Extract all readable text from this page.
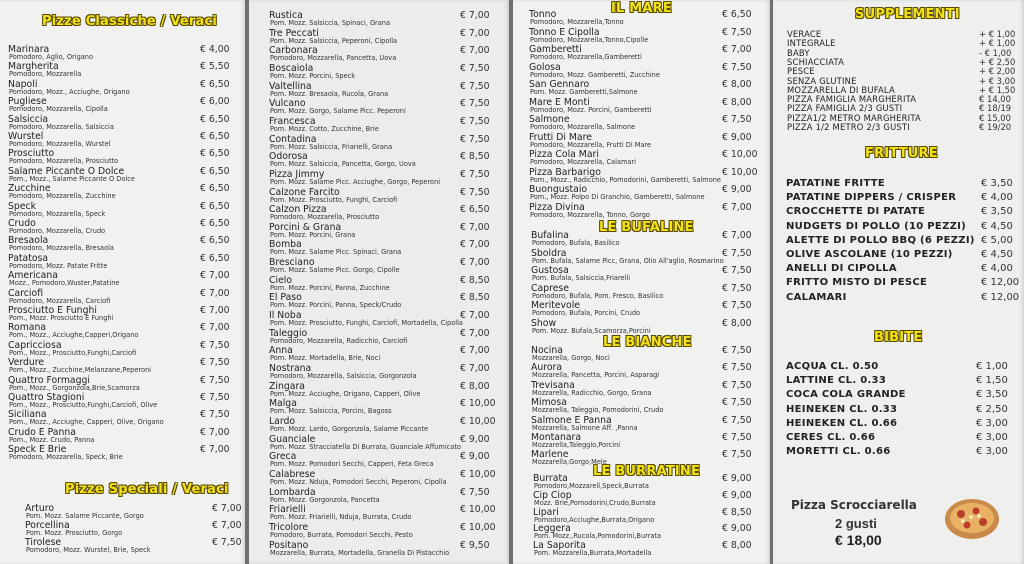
Pizze Classiche / Veraci
Marinara
Pomodoro, Aglio, Origano
€ 4,00
Margherita
Pomodoro, Mozzarella
€ 5,50
Napoli
Pomodoro, Mozz., Acciughe, Origano
€ 6,50
Pugliese
Pomodoro, Mozzarella, Cipolla
€ 6,00
Salsiccia
Pomodoro, Mozzarella, Salsiccia
€ 6,50
Wurstel
Pomodoro, Mozzarella, Wurstel
€ 6,50
Prosciutto
Pomodoro, Mozzarella, Prosciutto
€ 6,50
Salame Piccante O Dolce
Pom., Mozz., Salame Piccante O Dolce
€ 6,50
Zucchine
Pomodoro, Mozzarella, Zucchine
€ 6,50
Speck
Pomodoro, Mozzarella, Speck
€ 6,50
Crudo
Pomodoro, Mozzarella, Crudo
€ 6,50
Bresaola
Pomodoro, Mozzarella, Bresaola
€ 6,50
Patatosa
Pomodoro, Mozz. Patate Fritte
€ 6,50
Americana
Mozz., Pomodoro,Wuster,Patatine
€ 7,00
Carciofi
Pomodoro, Mozzarella, Carciofi
€ 7,00
Prosciutto E Funghi
Pom., Mozz. Prosciutto E Funghi
€ 7,00
Romana
Pom., Mozz., Acciughe,Capperi,Origano
€ 7,00
Capricciosa
Pom., Mozz., Prosciutto,Funghi,Carciofi
€ 7,50
Verdure
Pom., Mozz., Zucchine,Melanzane,Peperoni
€ 7,50
Quattro Formaggi
Pom., Mozz., Gorgonzola,Brie,Scamorza
€ 7,50
Quattro Stagioni
Pom., Mozz., Prosciutto,Funghi,Carciofi, Olive
€ 7,50
Siciliana
Pom., Mozz., Acciughe, Capperi, Olive, Origano
€ 7,50
Crudo E Panna
Pom., Mozz. Crudo, Panna
€ 7,00
Speck E Brie
Pomodoro, Mozzarella, Speck, Brie
€ 7,00
Pizze Speciali / Veraci
Arturo
Pom. Mozz. Salame Piccante, Gorgo
€ 7,00
Porcellina
Pom. Mozz. Prosciutto, Gorgo
€ 7,00
Tirolese
Pomodoro, Mozz. Wurstel, Brie, Speck
€ 7,50
Rustica
Pom. Mozz. Salsiccia, Spinaci, Grana
€ 7,00
Tre Peccati
Pom. Mozz. Salsiccia, Peperoni, Cipolla
€ 7,00
Carbonara
Pomodoro, Mozzarella, Pancetta, Uova
€ 7,00
Boscaiola
Pom. Mozz. Porcini, Speck
€ 7,50
Valtellina
Pom. Mozz. Bresaola, Rucola, Grana
€ 7,50
Vulcano
Pom. Mozz. Gorgo, Salame Picc. Peperoni
€ 7,50
Francesca
Pom. Mozz. Cotto, Zucchine, Brie
€ 7,50
Contadina
Pom. Mozz. Salsiccia, Friarielli, Grana
€ 7,50
Odorosa
Pom. Mozz. Salsiccia, Pancetta, Gorgo, Uova
€ 8,50
Pizza Jimmy
Pom. Mozz. Salame Picc. Acciughe, Gorgo, Peperoni
€ 7,50
Calzone Farcito
Pom. Mozz. Prosciutto, Funghi, Carciofi
€ 7,50
Calzon Pizza
Pomodoro, Mozzarella, Prosciutto
€ 6,50
Porcini & Grana
Pom. Mozz. Porcini, Grana
€ 7,00
Bomba
Pom. Mozz. Salame Picc. Spinaci, Grana
€ 7,00
Bresciano
Pom. Mozz. Salame Picc. Gorgo, Cipolle
€ 7,00
Cielo
Pom. Mozz. Porcini, Panna, Zucchine
€ 8,50
El Paso
Pom. Mozz. Porcini, Panna, Speck/Crudo
€ 8,50
Il Noba
Pom. Mozz. Prosciutto, Funghi, Carciofi, Mortadella, Cipolla
€ 7,00
Taleggio
Pomodoro, Mozzarella, Radicchio, Carciofi
€ 7,00
Anna
Pom. Mozz. Mortadella, Brie, Noci
€ 7,00
Nostrana
Pomodoro, Mozzarella, Salsiccia, Gorgonzola
€ 7,00
Zingara
Pom. Mozz. Acciughe, Origano, Capperi, Olive
€ 8,00
Malga
Pom. Mozz. Salsiccia, Porcini, Bagoss
€ 10,00
Lardo
Pom. Mozz. Lardo, Gorgonzola, Salame Piccante
€ 10,00
Guanciale
Pom. Mozz. Stracciatella Di Burrata, Guanciale Affumicato
€ 9,00
Greca
Pom. Mozz. Pomodori Secchi, Capperi, Feta Greca
€ 9,00
Calabrese
Pom. Mozz. Nduja, Pomodori Secchi, Peperoni, Cipolla
€ 10,00
Lombarda
Pom. Mozz. Gorgonzola, Pancetta
€ 7,50
Friarielli
Pom. Mozz. Friarielli, Nduja, Burrata, Crudo
€ 10,00
Tricolore
Pomodoro, Burrata, Pomodori Secchi, Pesto
€ 10,00
Positano
Mozzarella, Burrata, Mortadella, Granella Di Pistacchio
€ 9,50
IL MARE
Tonno
Pomodoro, Mozzarella,Tonno
€ 6,50
Tonno E Cipolla
Pomodoro, Mozzarella,Tonno,Cipolle
€ 7,50
Gamberetti
Pomodoro, Mozzarella,Gamberetti
€ 7,00
Golosa
Pomodoro, Mozz. Gamberetti, Zucchine
€ 7,50
San Gennaro
Pom. Mozz. Gamberetti,Salmone
€ 8,00
Mare E Monti
Pomodoro, Mozz. Porcini, Gamberetti
€ 8,00
Salmone
Pomodoro, Mozzarella, Salmone
€ 7,50
Frutti Di Mare
Pomodoro, Mozzarella, Frutti Di Mare
€ 9,00
Pizza Cola Mari
Pomodoro, Mozzarella, Calamari
€ 10,00
Pizza Barbarigo
Pom., Mozz., Radicchio, Pomodorini, Gamberetti, Salmone
€ 10,00
Buongustaio
Pom., Mozz. Polpo Di Granchio, Gamberetti, Salmone
€ 9,00
Pizza Divina
Pomodoro, Mozzarella, Tonno, Gorgo
€ 7,00
LE BUFALINE
Bufalina
Pomodoro, Bufala, Basilico
€ 7,00
Sboldra
Pom. Bufala, Salame Picc, Grana, Olio All'aglio, Rosmarino
€ 7,50
Gustosa
Pom. Bufala, Salsiccia,Friarelli
€ 7,50
Caprese
Pomodoro, Bufala, Pom. Fresco, Basilico
€ 7,50
Meritevole
Pomodoro, Bufala, Porcini, Crudo
€ 7,50
Show
Pom. Mozz. Bufala,Scamorza,Porcini
€ 8,00
LE BIANCHE
Nocina
Mozzarella, Gorgo, Noci
€ 7,50
Aurora
Mozzarella, Pancetta, Porcini, Asparagi
€ 7,50
Trevisana
Mozzarella, Radicchio, Gorgo, Grana
€ 7,50
Mimosa
Mozzarella, Taleggio, Pomodorini, Crudo
€ 7,50
Salmone E Panna
Mozzarella, Salmone Aff. ,Panna
€ 7,50
Montanara
Mozzarella,Taleggio,Porcini
€ 7,50
Marlene
Mozzarella,Gorgo,Mele
€ 7,50
LE BURRATINE
Burrata
Pomodoro,Mozzarell,Speck,Burrata
€ 9,00
Cip Ciop
Mozz. Brie,Pomodorini,Crudo,Burrata
€ 9,00
Lipari
Pomodoro,Acciughe,Burrata,Origano
€ 8,50
Leggera
Pom. Mozz.,Rucola,Pomodorini,Burrata
€ 9,00
La Saporita
Pom. Mozzarella,Burrata,Mortadella
€ 8,00
SUPPLEMENTI
VERACE	+ € 1,00
INTEGRALE	+ € 1,00
BABY	- € 1,00
SCHIACCIATA	+ € 2,50
PESCE	+ € 2,00
SENZA GLUTINE	+ € 3,00
MOZZARELLA DI BUFALA	+ € 1,50
PIZZA FAMIGLIA MARGHERITA	€ 14,00
PIZZA FAMIGLIA 2/3 GUSTI	€ 18/19
PIZZA1/2 METRO MARGHERITA	€ 15,00
PIZZA 1/2 METRO 2/3 GUSTI	€ 19/20
FRITTURE
PATATINE FRITTE	€ 3,50
PATATINE DIPPERS / CRISPER € 4,00
CROCCHETTE DI PATATE	€ 3,50
NUDGETS DI POLLO (10 PEZZI) € 4,50
ALETTE DI POLLO BBQ (6 PEZZI) € 5,00
OLIVE ASCOLANE (10 PEZZI)	€ 4,50
ANELLI DI CIPOLLA	€ 4,00
FRITTO MISTO DI PESCE	€ 12,00
CALAMARI	€ 12,00
BIBITE
ACQUA CL. 0.50	€ 1,00
LATTINE CL. 0.33	€ 1,50
COCA COLA GRANDE	€ 3,50
HEINEKEN CL. 0.33	€ 2,50
HEINEKEN CL. 0.66	€ 3,00
CERES CL. 0.66	€ 3,00
MORETTI CL. 0.66	€ 3,00
Pizza Scrocciarella
2 gusti
€ 18,00
